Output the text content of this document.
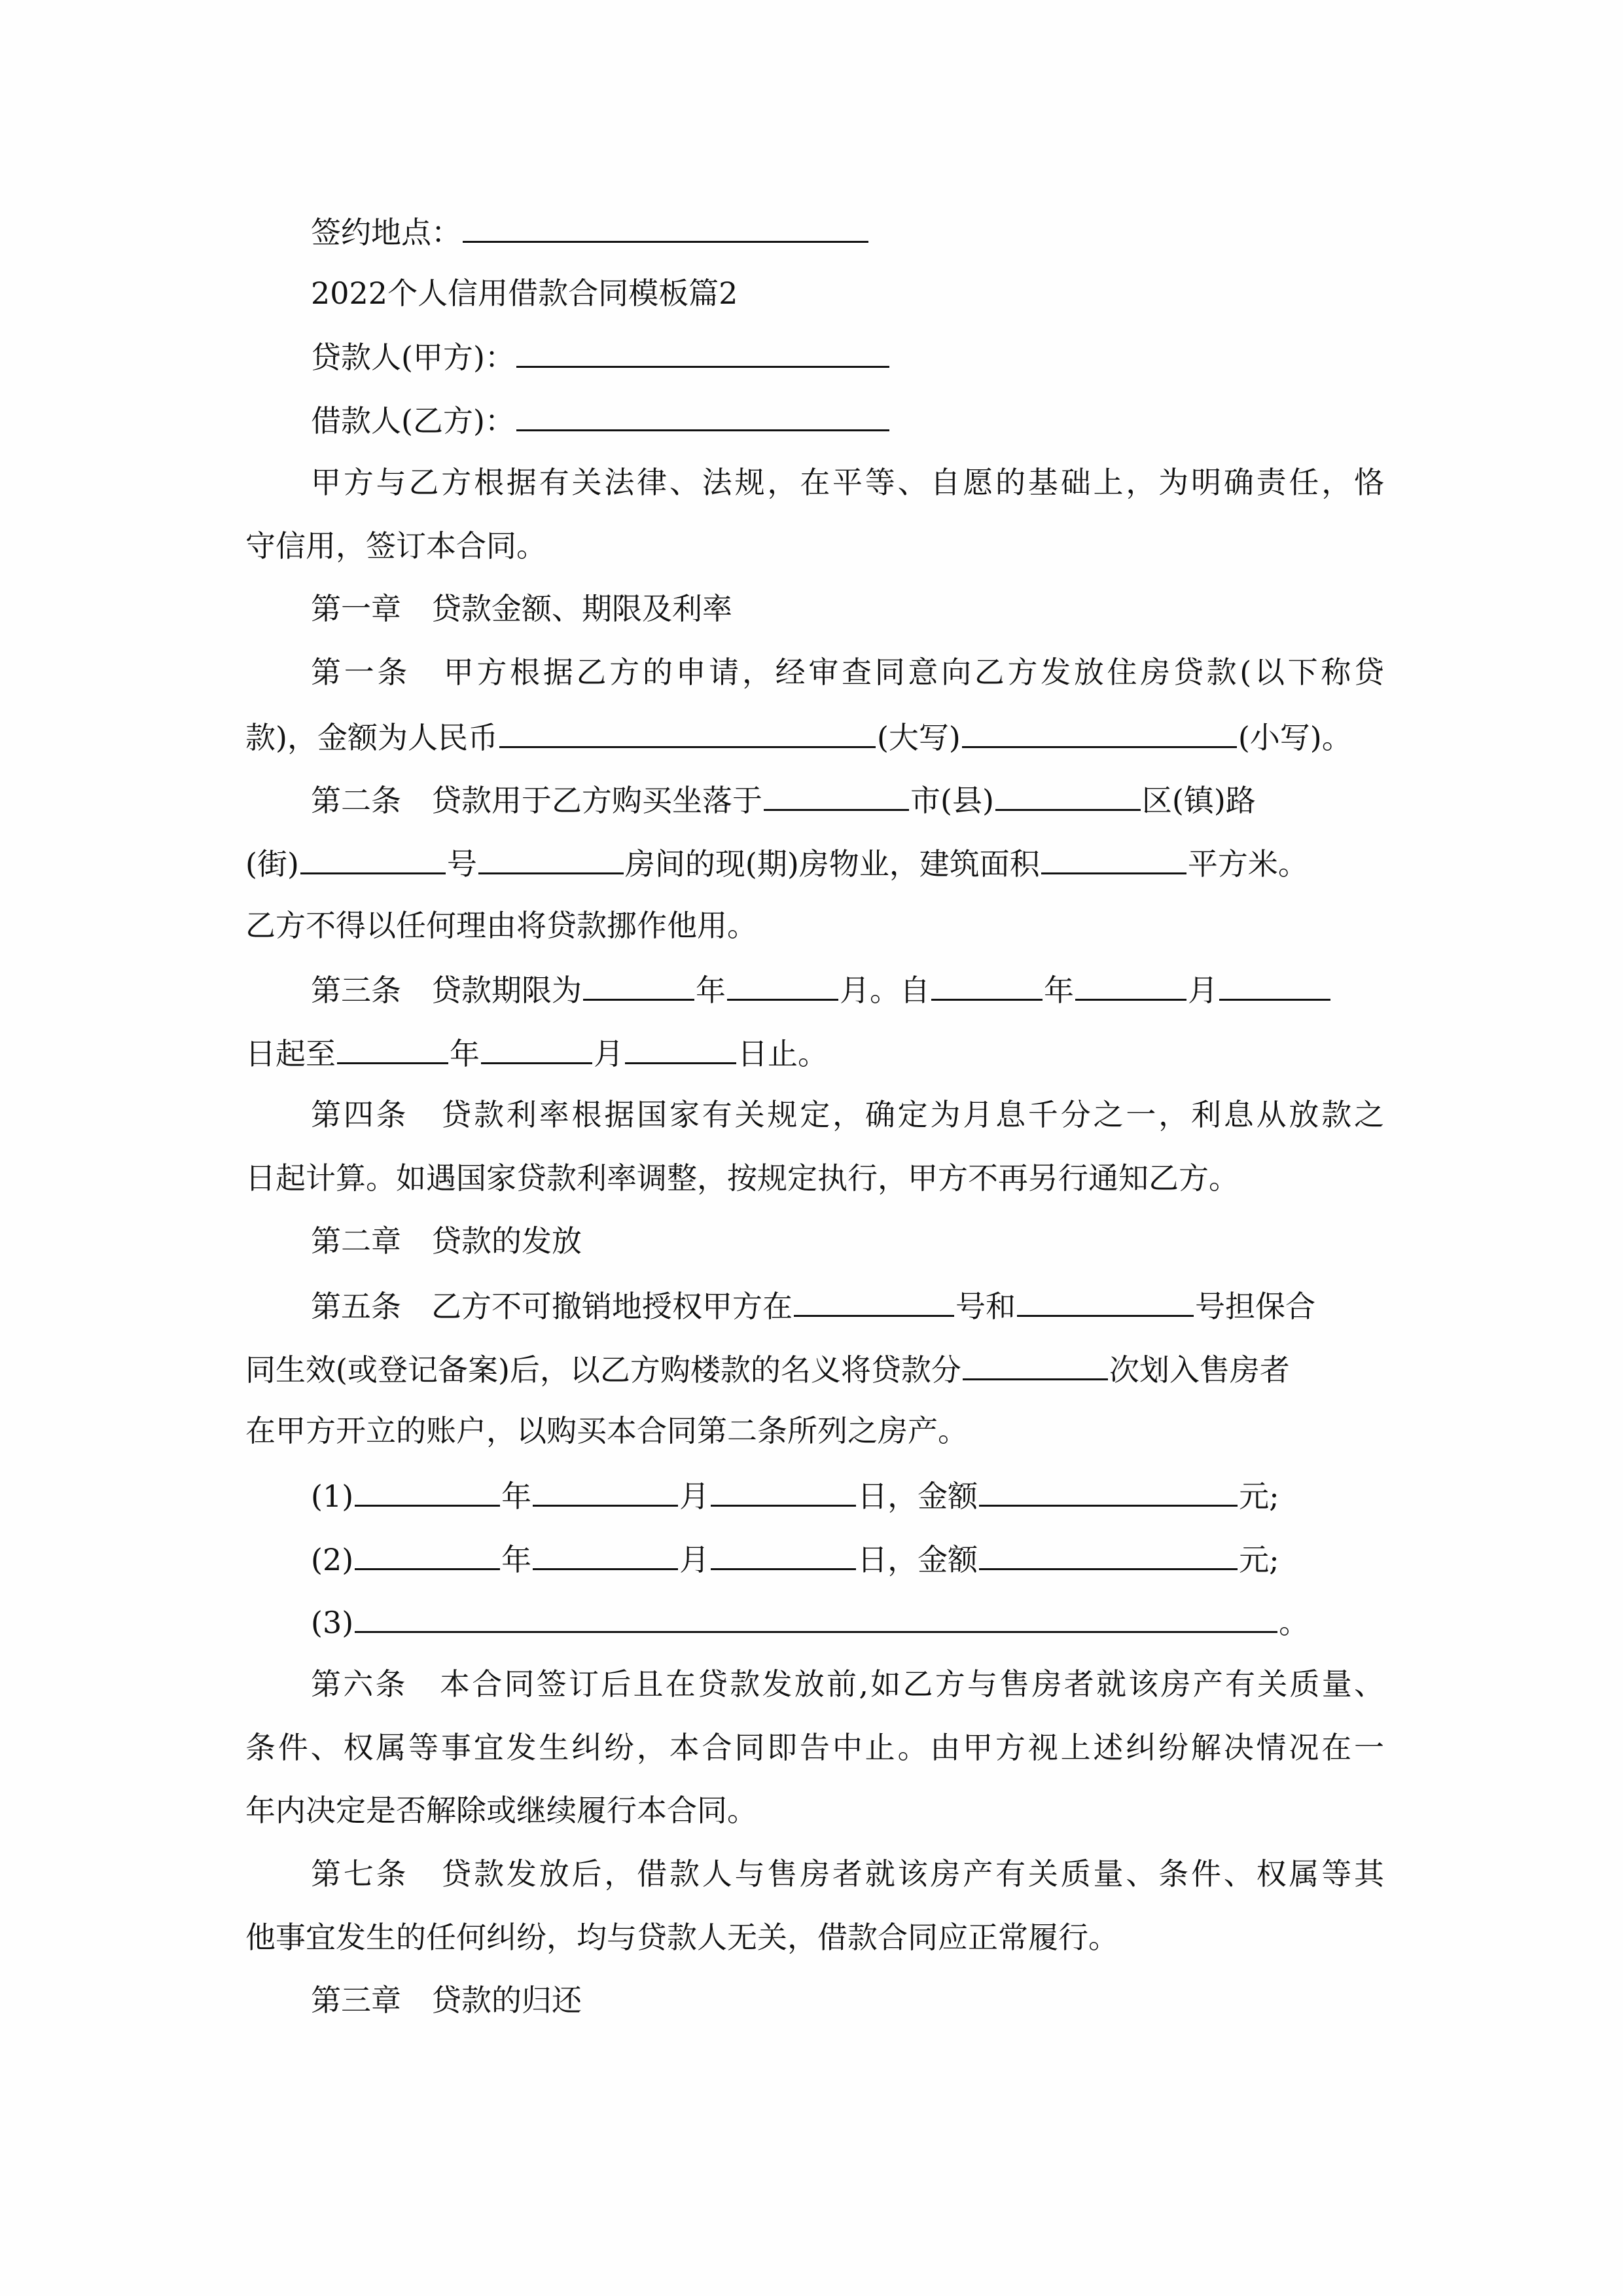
签约地点：
2022个人信用借款合同模板篇2
贷款人(甲方)：
借款人(乙方)：
甲方与乙方根据有关法律、法规，在平等、自愿的基础上，为明确责任，恪
守信用，签订本合同。
第一章 贷款金额、期限及利率
第一条 甲方根据乙方的申请，经审查同意向乙方发放住房贷款(以下称贷
款)，金额为人民币	(大写)	(小写)。
第二条 贷款用于乙方购买坐落于	市(县)	区(镇)路
(街)	号	房间的现(期)房物业，建筑面积	平方米。
乙方不得以任何理由将贷款挪作他用。
第三条 贷款期限为	年	月。自	年	月
日起至	年	月	日止。
第四条 贷款利率根据国家有关规定，确定为月息千分之一，利息从放款之
日起计算。如遇国家贷款利率调整，按规定执行，甲方不再另行通知乙方。
第二章 贷款的发放
第五条 乙方不可撤销地授权甲方在	号和	号担保合
同生效(或登记备案)后，以乙方购楼款的名义将贷款分	次划入售房者
在甲方开立的账户，以购买本合同第二条所列之房产。
(1)	年	月	日，金额	元;
(2)	年	月	日，金额	元;
(3)	。
第六条 本合同签订后且在贷款发放前,如乙方与售房者就该房产有关质量、
条件、权属等事宜发生纠纷，本合同即告中止。由甲方视上述纠纷解决情况在一
年内决定是否解除或继续履行本合同。
第七条 贷款发放后，借款人与售房者就该房产有关质量、条件、权属等其
他事宜发生的任何纠纷，均与贷款人无关，借款合同应正常履行。
第三章 贷款的归还
